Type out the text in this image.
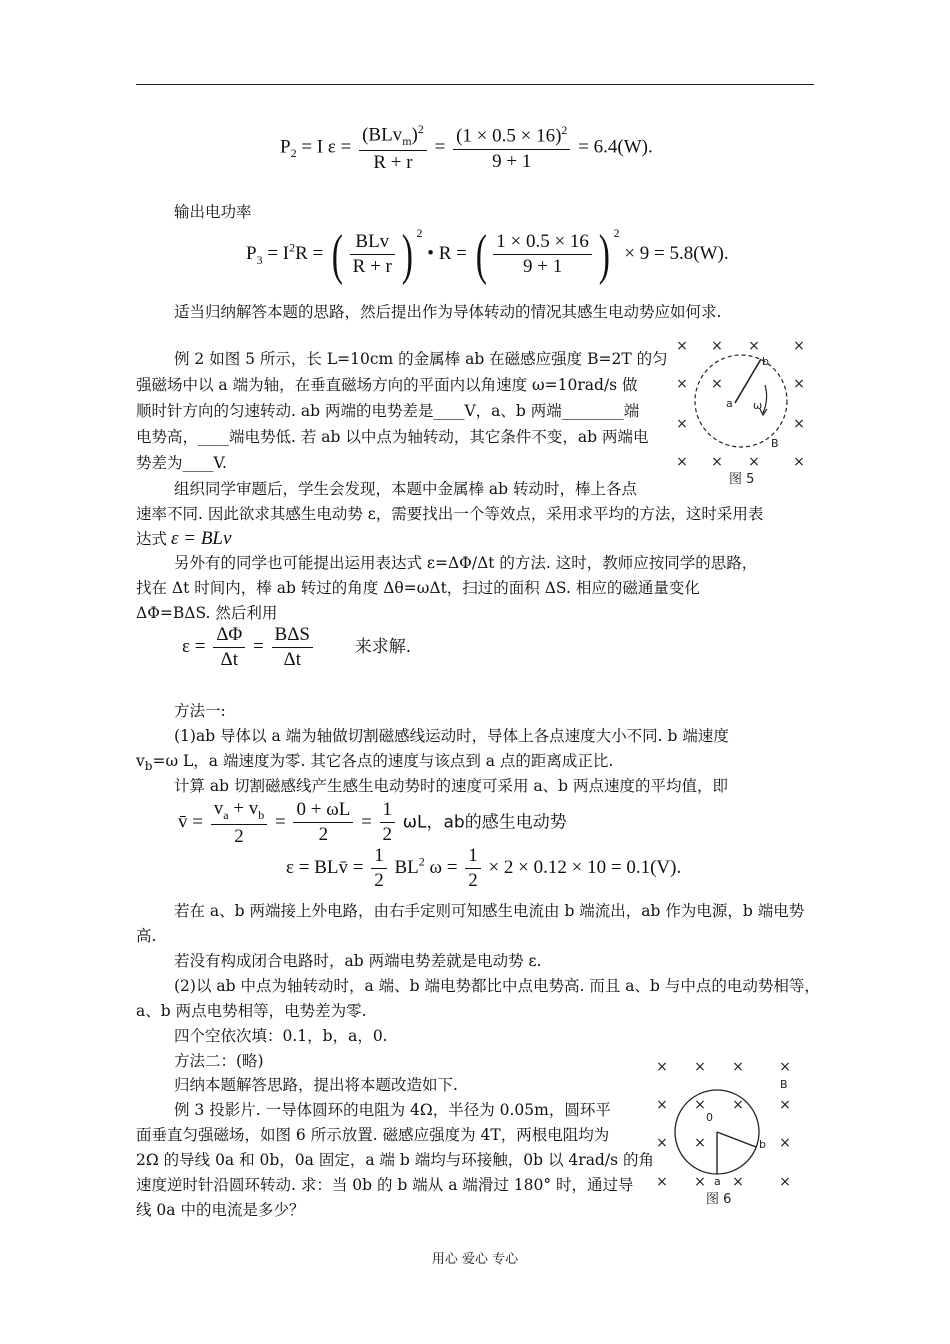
$P_2 = I$ $\varepsilon = \frac{(BLv_m)^2}{R + r} = \frac{(1 \times 0.5 \times 16)^2}{9 + 1} = 6.4(W)$.
输出电功率
$P_3 = I^2R$ = ( $\frac{\text{BLv}}{R + r}$ ) $^2$ • R = ( $\frac{1 \times 0.5 \times 16}{9 + 1}$ ) $^2$ × 9 = 5.8(W).
适当归纳解答本题的思路，然后提出作为导体转动的情况其感生电动势应如何求.
例 2 如图 5 所示，长 L=10cm 的金属棒 ab 在磁感应强度 B=2T 的匀
强磁场中以 a 端为轴，在垂直磁场方向的平面内以角速度 ω=10rad/s 做
顺时针方向的匀速转动. ab 两端的电势差是____V，a、b 两端________端
电势高，____端电势低. 若 ab 以中点为轴转动，其它条件不变，ab 两端电
势差为____V.
× × × ×
× ×	×
×	×
× × × ×
a
b
ω
B
图 5
组织同学审题后，学生会发现，本题中金属棒 ab 转动时，棒上各点
速率不同. 因此欲求其感生电动势 ε，需要找出一个等效点，采用求平均的方法，这时采用表
达式 ε = BLv
另外有的同学也可能提出运用表达式 ε=ΔΦ/Δt 的方法. 这时，教师应按同学的思路，
找在 Δt 时间内，棒 ab 转过的角度 Δθ=ωΔt，扫过的面积 ΔS. 相应的磁通量变化
ΔΦ=BΔS. 然后利用
$\varepsilon = \frac{\Delta\Phi}{\Delta t} = \frac{\text{BΔS}}{\Delta t}$ 来求解.
方法一:
(1)ab 导体以 a 端为轴做切割磁感线运动时，导体上各点速度大小不同. b 端速度
$v_b=\omega$ L，a 端速度为零. 其它各点的速度与该点到 a 点的距离成正比.
计算 ab 切割磁感线产生感生电动势时的速度可采用 a、b 两点速度的平均值，即
v̄ = $\frac{v_a + v_b}{2} = \frac{0 + \omega L}{2} = \frac{1}{2}$ ωL，ab的感生电动势
ε = BLv̄ = $\frac{1}{2} BL^2$ $\omega = \frac{1}{2} \times 2 \times 0.12 \times 10 = 0.1(V)$.
若在 a、b 两端接上外电路，由右手定则可知感生电流由 b 端流出，ab 作为电源，b 端电势
高.
若没有构成闭合电路时，ab 两端电势差就是电动势 ε.
(2)以 ab 中点为轴转动时，a 端、b 端电势都比中点电势高. 而且 a、b 与中点的电动势相等，
a、b 两点电势相等，电势差为零.
四个空依次填：0.1，b，a，0.
方法二：(略)
归纳本题解答思路，提出将本题改造如下.
例 3 投影片. 一导体圆环的电阻为 4Ω，半径为 0.05m，圆环平
面垂直匀强磁场，如图 6 所示放置. 磁感应强度为 4T，两根电阻均为
2Ω 的导线 0a 和 0b，0a 固定，a 端 b 端均与环接触，0b 以 4rad/s 的角
速度逆时针沿圆环转动. 求：当 0b 的 b 端从 a 端滑过 180° 时，通过导
线 0a 中的电流是多少？
× × ×	×
× × ×	×
× ×	×
× × ×	×
0
a
b
B
图 6
用心 爱心 专心
